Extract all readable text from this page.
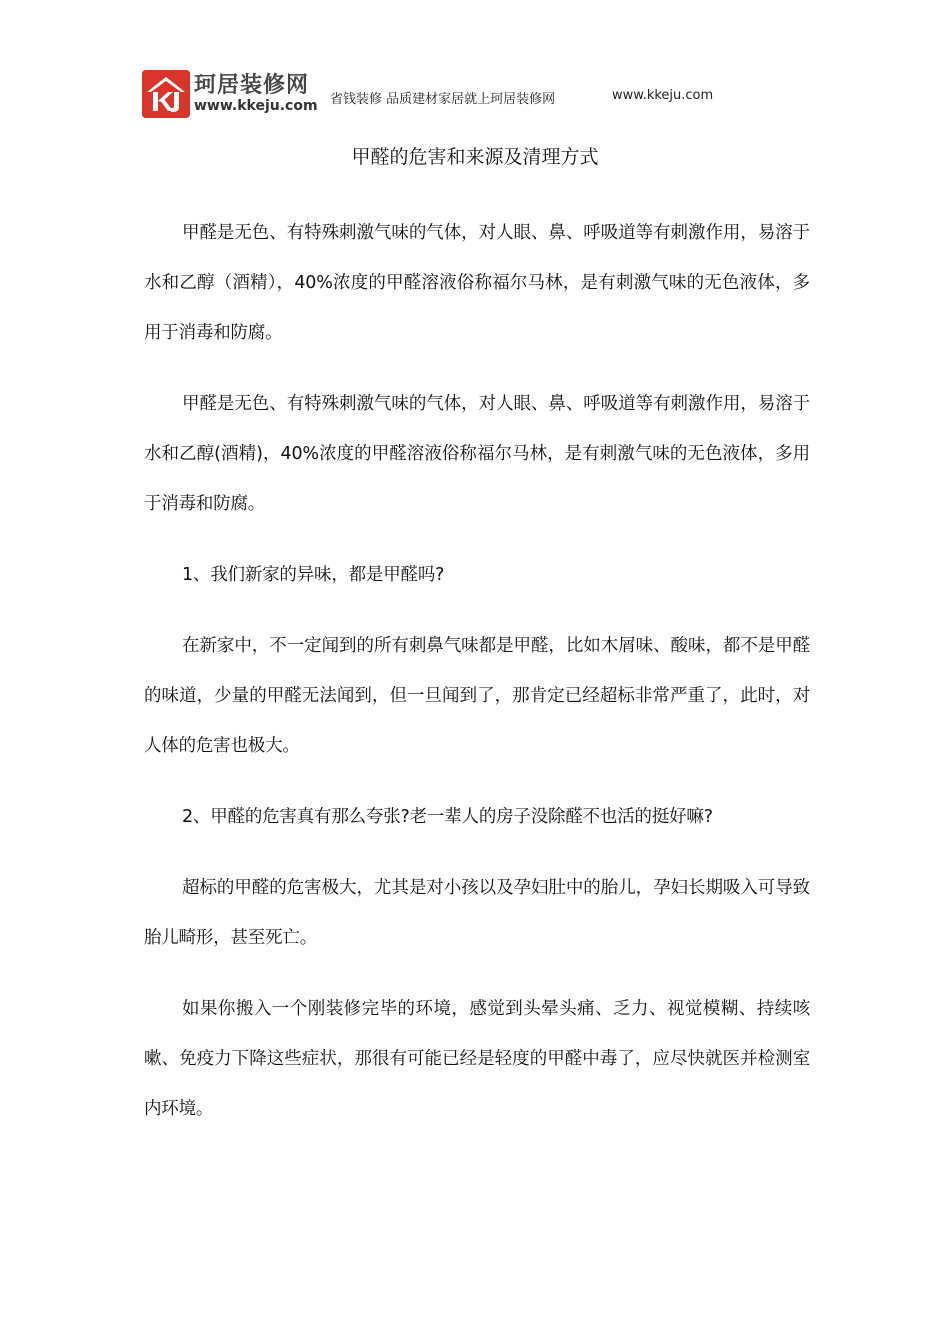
珂居装修网
www.kkeju.com 省钱装修 品质建材家居就上珂居装修网	www.kkeju.com
甲醛的危害和来源及清理方式

甲醛是无色、有特殊刺激气味的气体，对人眼、鼻、呼吸道等有刺激作用，易溶于水和乙醇（酒精），40%浓度的甲醛溶液俗称福尔马林，是有刺激气味的无色液体，多用于消毒和防腐。

甲醛是无色、有特殊刺激气味的气体，对人眼、鼻、呼吸道等有刺激作用，易溶于水和乙醇(酒精)，40%浓度的甲醛溶液俗称福尔马林，是有刺激气味的无色液体，多用于消毒和防腐。

1、我们新家的异味，都是甲醛吗?

在新家中，不一定闻到的所有刺鼻气味都是甲醛，比如木屑味、酸味，都不是甲醛的味道，少量的甲醛无法闻到，但一旦闻到了，那肯定已经超标非常严重了，此时，对人体的危害也极大。

2、甲醛的危害真有那么夸张?老一辈人的房子没除醛不也活的挺好嘛?

超标的甲醛的危害极大，尤其是对小孩以及孕妇肚中的胎儿，孕妇长期吸入可导致胎儿畸形，甚至死亡。

如果你搬入一个刚装修完毕的环境，感觉到头晕头痛、乏力、视觉模糊、持续咳嗽、免疫力下降这些症状，那很有可能已经是轻度的甲醛中毒了，应尽快就医并检测室内环境。
